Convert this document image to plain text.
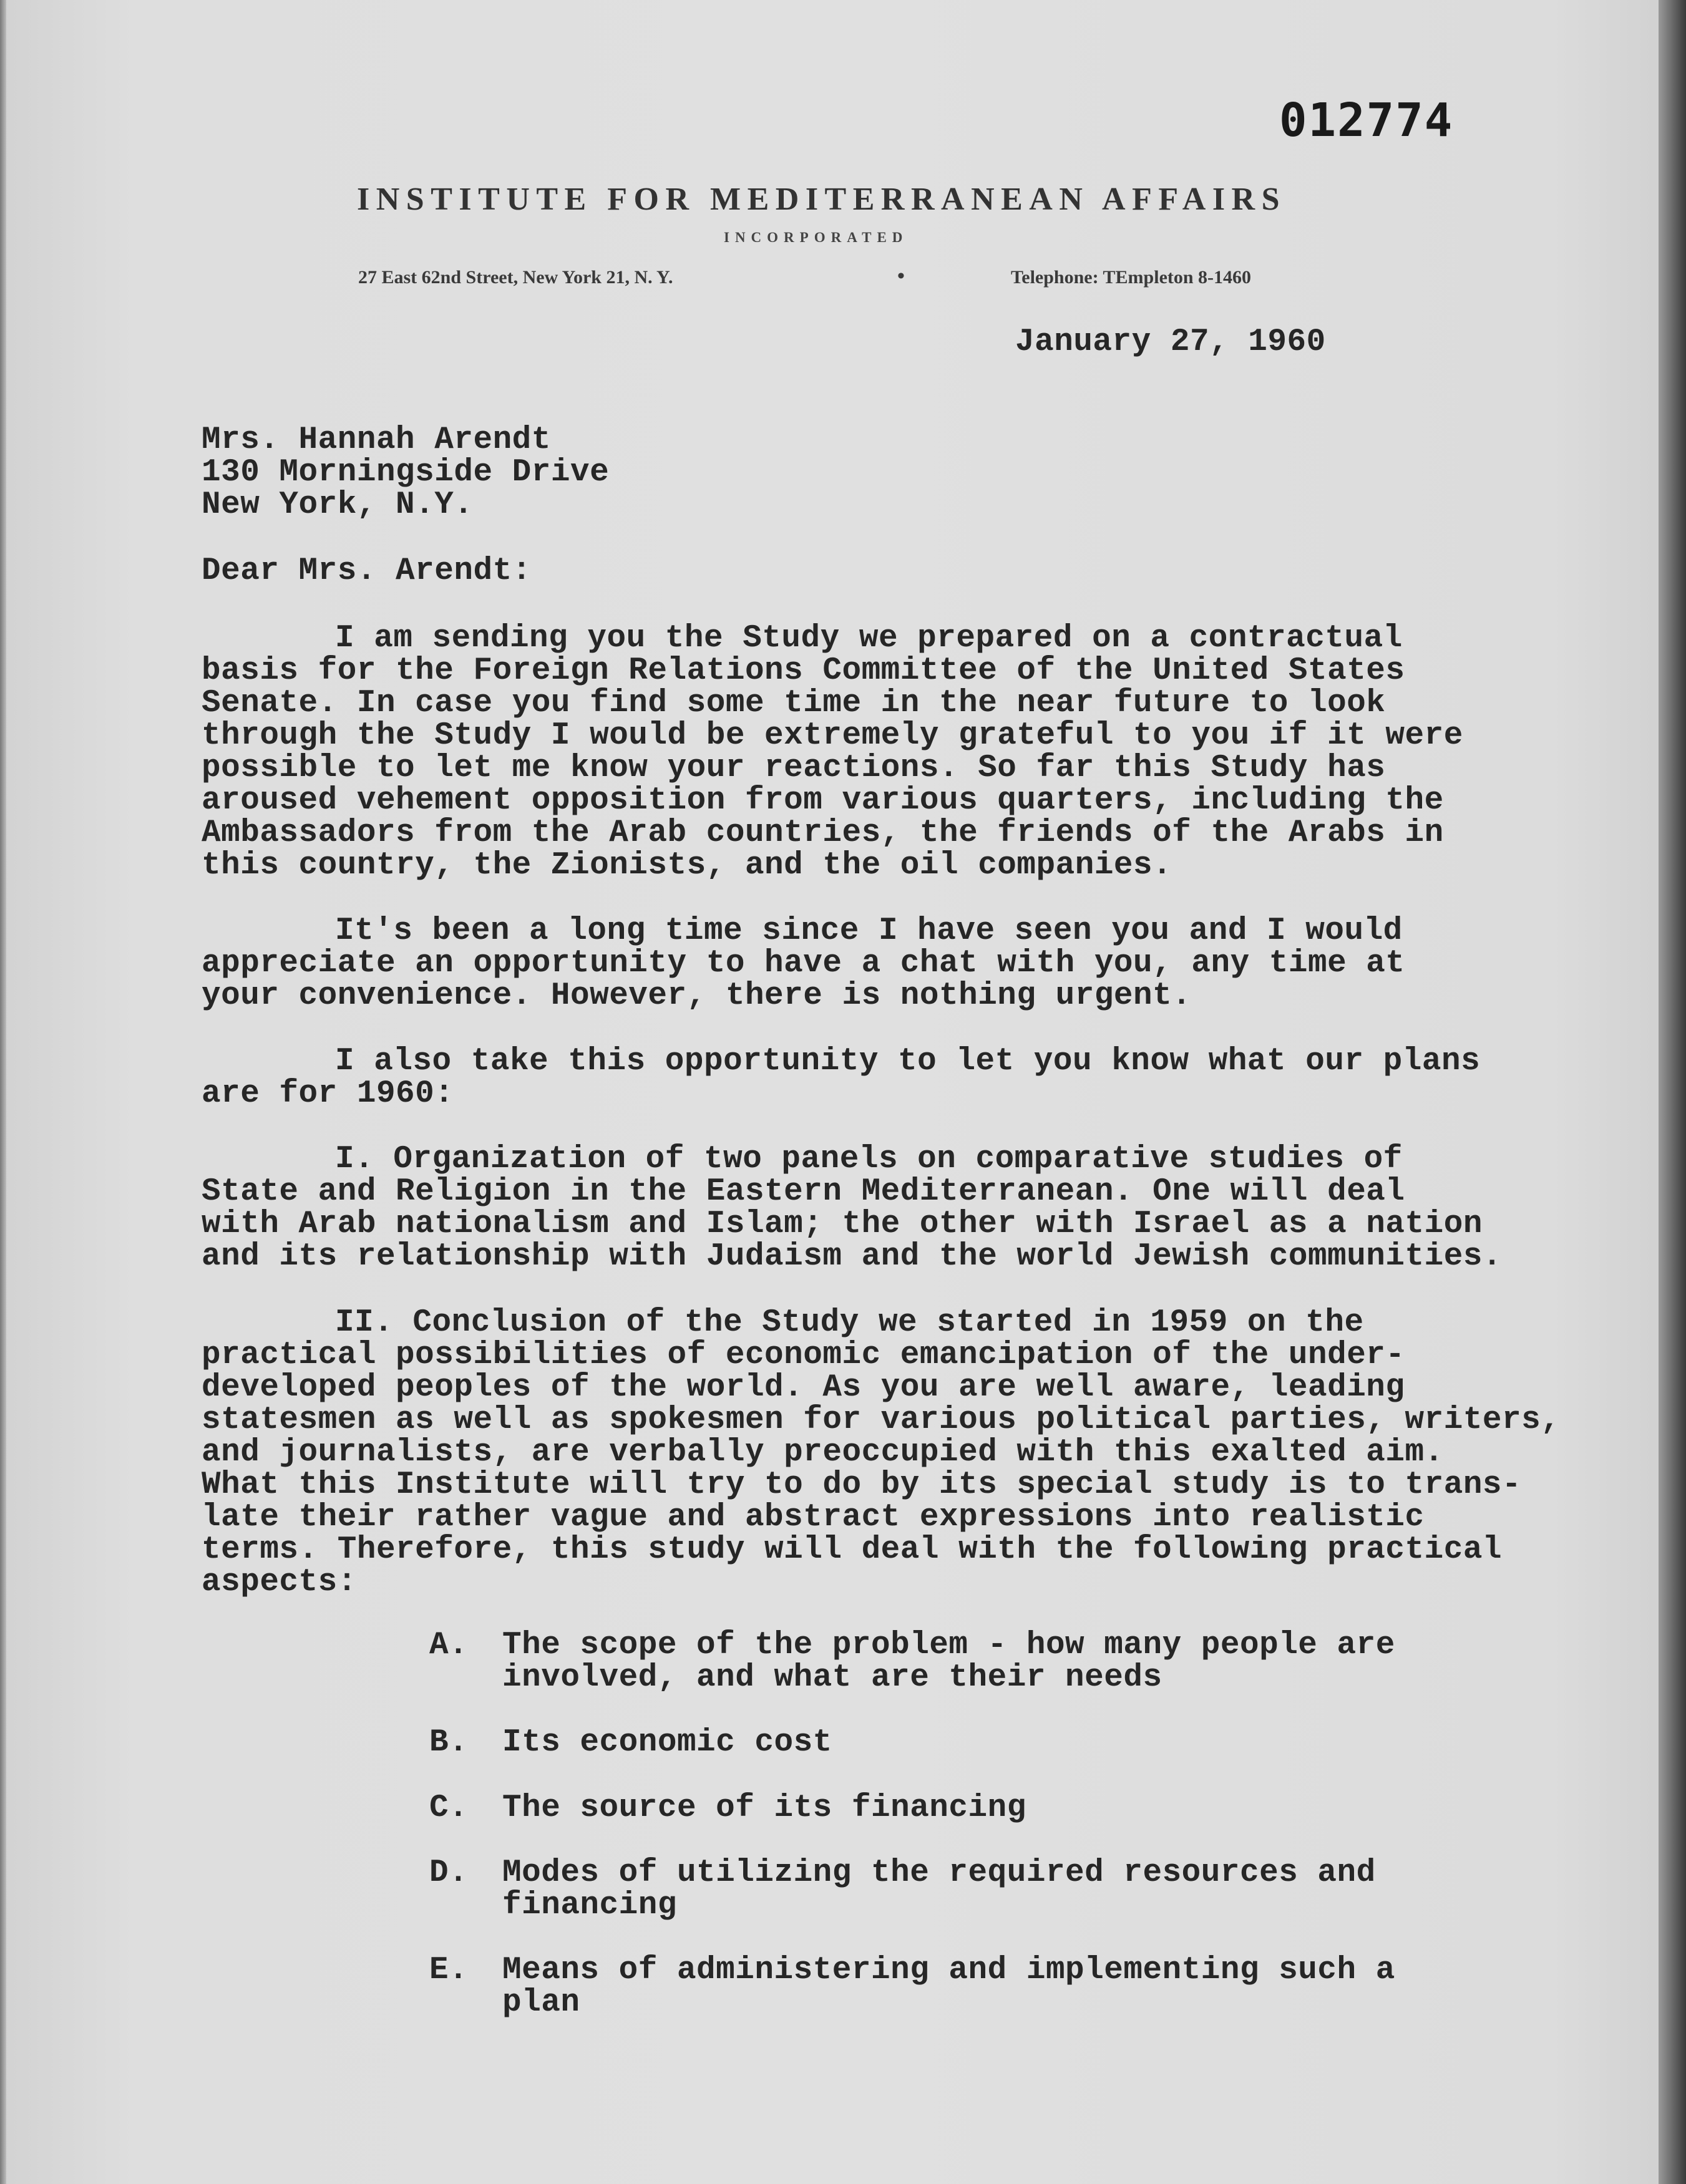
012774
INSTITUTE FOR MEDITERRANEAN AFFAIRS
INCORPORATED
27 East 62nd Street, New York 21, N. Y.	•	Telephone: TEmpleton 8-1460
January 27, 1960
Mrs. Hannah Arendt
130 Morningside Drive
New York, N.Y.
Dear Mrs. Arendt:
I am sending you the Study we prepared on a contractual
basis for the Foreign Relations Committee of the United States
Senate. In case you find some time in the near future to look
through the Study I would be extremely grateful to you if it were
possible to let me know your reactions. So far this Study has
aroused vehement opposition from various quarters, including the
Ambassadors from the Arab countries, the friends of the Arabs in
this country, the Zionists, and the oil companies.
It's been a long time since I have seen you and I would
appreciate an opportunity to have a chat with you, any time at
your convenience. However, there is nothing urgent.
I also take this opportunity to let you know what our plans
are for 1960:
I. Organization of two panels on comparative studies of
State and Religion in the Eastern Mediterranean. One will deal
with Arab nationalism and Islam; the other with Israel as a nation
and its relationship with Judaism and the world Jewish communities.
II. Conclusion of the Study we started in 1959 on the
practical possibilities of economic emancipation of the under-
developed peoples of the world. As you are well aware, leading
statesmen as well as spokesmen for various political parties, writers,
and journalists, are verbally preoccupied with this exalted aim.
What this Institute will try to do by its special study is to trans-
late their rather vague and abstract expressions into realistic
terms. Therefore, this study will deal with the following practical
aspects:
A. The scope of the problem - how many people are
involved, and what are their needs
B. Its economic cost
C. The source of its financing
D. Modes of utilizing the required resources and
financing
E. Means of administering and implementing such a
plan
